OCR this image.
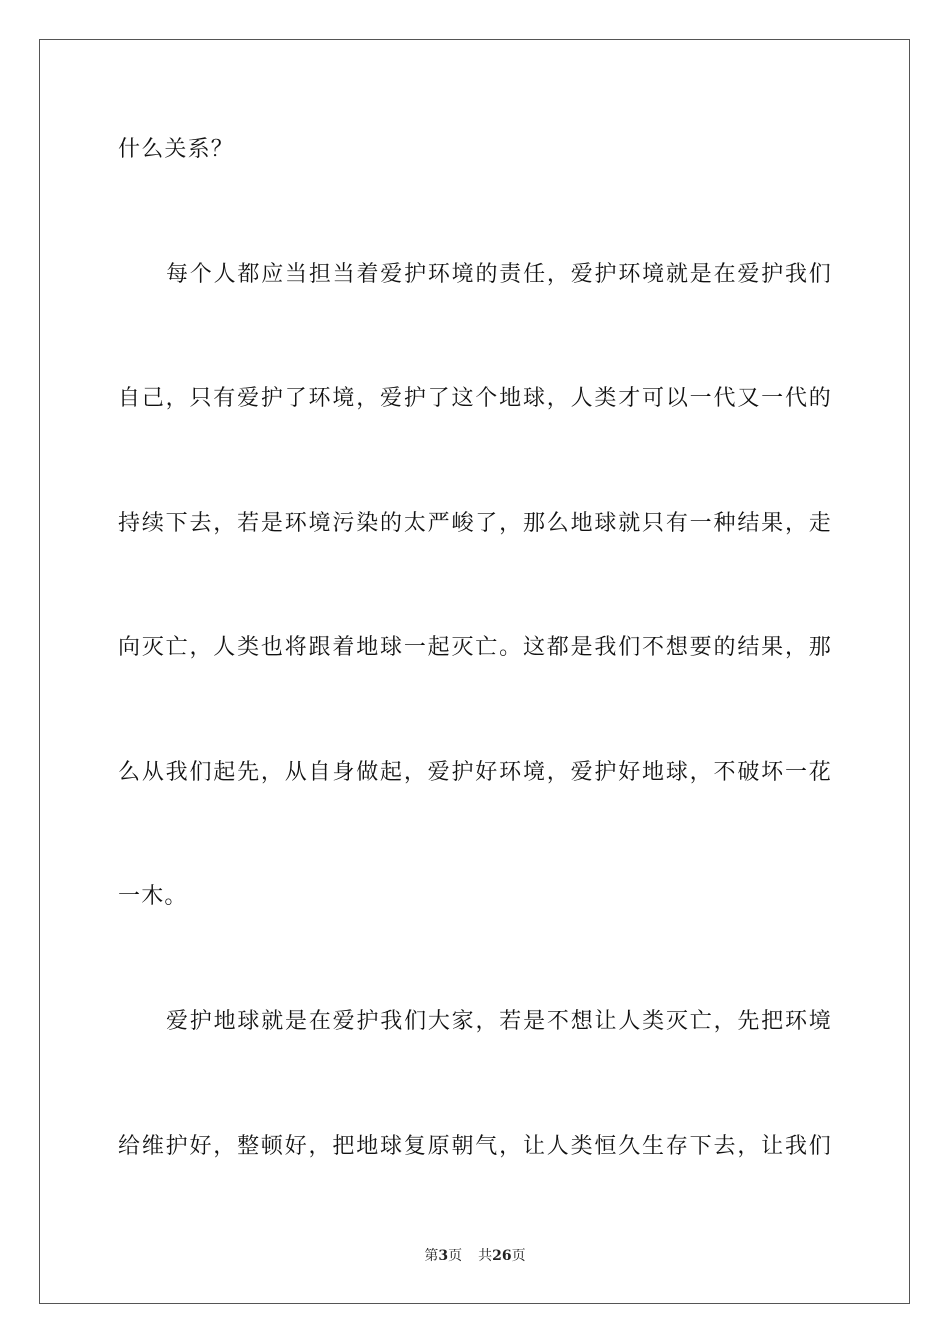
什么关系？
每个人都应当担当着爱护环境的责任，爱护环境就是在爱护我们
自己，只有爱护了环境，爱护了这个地球，人类才可以一代又一代的
持续下去，若是环境污染的太严峻了，那么地球就只有一种结果，走
向灭亡，人类也将跟着地球一起灭亡。这都是我们不想要的结果，那
么从我们起先，从自身做起，爱护好环境，爱护好地球，不破坏一花
一木。
爱护地球就是在爱护我们大家，若是不想让人类灭亡，先把环境
给维护好，整顿好，把地球复原朝气，让人类恒久生存下去，让我们
第3页 共26页
